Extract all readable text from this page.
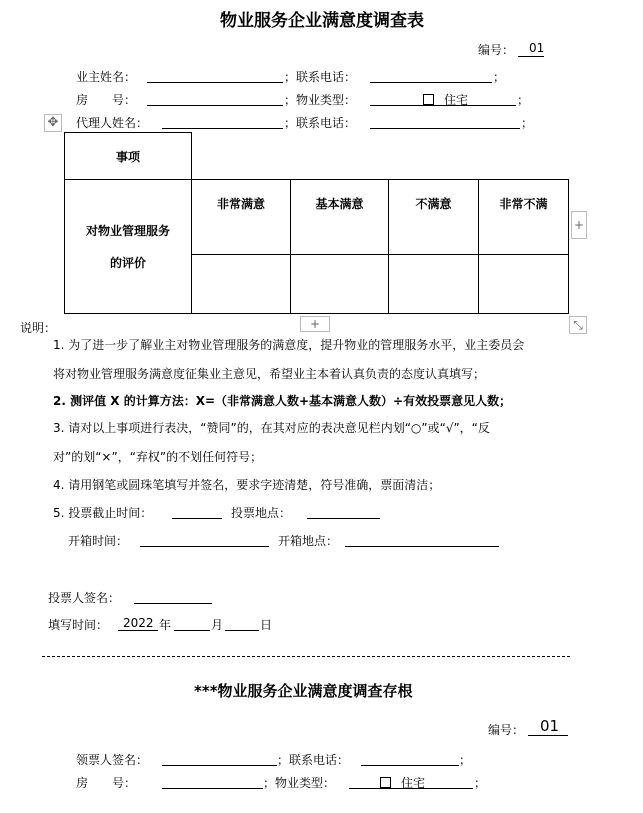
物业服务企业满意度调查表
编号： 01
业主姓名：	；联系电话：	；
房　　号：	；物业类型：	住宅	；
✥ 代理人姓名：	；联系电话：	；
事项				

对物业管理服务
的评价	非常满意	基本满意	不满意	非常不满

+
+	⤡
说明：
1. 为了进一步了解业主对物业管理服务的满意度，提升物业的管理服务水平，业主委员会
将对物业管理服务满意度征集业主意见，希望业主本着认真负责的态度认真填写；
2. 测评值 X 的计算方法：X=（非常满意人数+基本满意人数）÷有效投票意见人数；
3. 请对以上事项进行表决，“赞同”的，在其对应的表决意见栏内划“○”或“√”，“反
对”的划“×”，“弃权”的不划任何符号；
4. 请用钢笔或圆珠笔填写并签名，要求字迹清楚，符号准确，票面清洁；
5. 投票截止时间：	投票地点：
开箱时间：	开箱地点：
投票人签名：
填写时间： 2022 年	月	日
***物业服务企业满意度调查存根
编号： 01
领票人签名：	；联系电话：	；
房　　号：	；物业类型：	住宅	；
